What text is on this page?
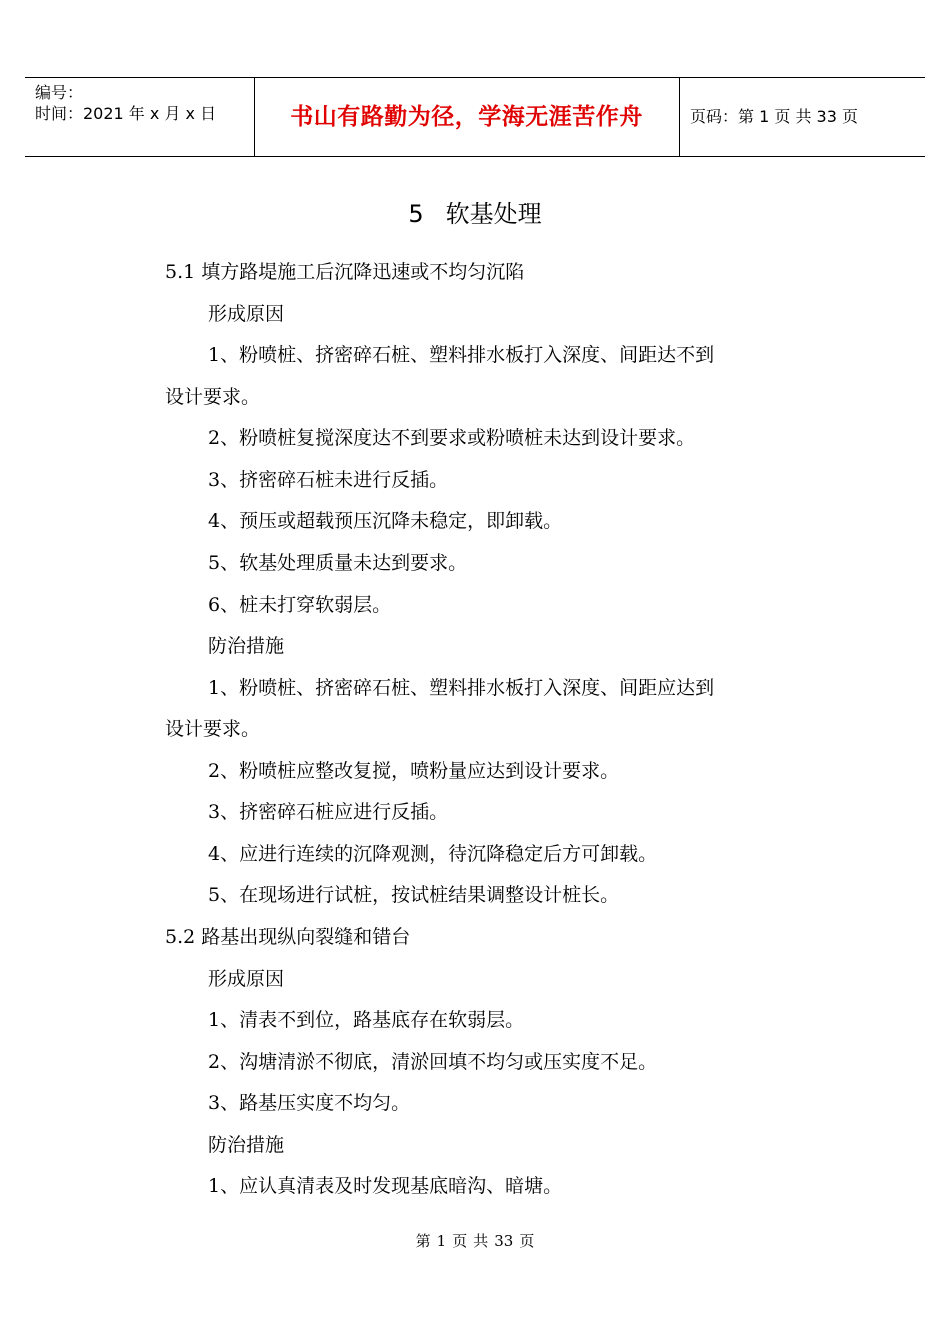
编号：
时间：2021 年 x 月 x 日	书山有路勤为径，学海无涯苦作舟	页码：第 1 页 共 33 页
5 软基处理
5.1 填方路堤施工后沉降迅速或不均匀沉陷
形成原因
1、粉喷桩、挤密碎石桩、塑料排水板打入深度、间距达不到
设计要求。
2、粉喷桩复搅深度达不到要求或粉喷桩未达到设计要求。
3、挤密碎石桩未进行反插。
4、预压或超载预压沉降未稳定，即卸载。
5、软基处理质量未达到要求。
6、桩未打穿软弱层。
防治措施
1、粉喷桩、挤密碎石桩、塑料排水板打入深度、间距应达到
设计要求。
2、粉喷桩应整改复搅，喷粉量应达到设计要求。
3、挤密碎石桩应进行反插。
4、应进行连续的沉降观测，待沉降稳定后方可卸载。
5、在现场进行试桩，按试桩结果调整设计桩长。
5.2 路基出现纵向裂缝和错台
形成原因
1、清表不到位，路基底存在软弱层。
2、沟塘清淤不彻底，清淤回填不均匀或压实度不足。
3、路基压实度不均匀。
防治措施
1、应认真清表及时发现基底暗沟、暗塘。
第 1 页 共 33 页
